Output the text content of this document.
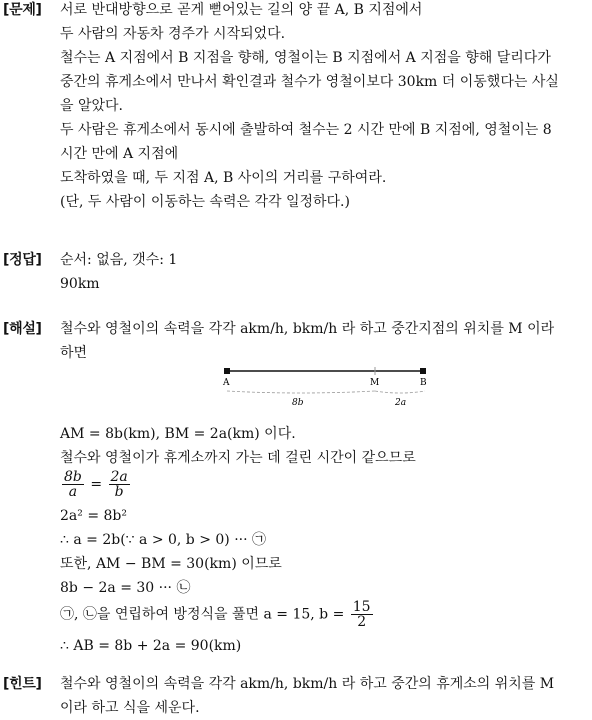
[문제] 서로 반대방향으로 곧게 뻗어있는 길의 양 끝 A, B 지점에서
두 사람의 자동차 경주가 시작되었다.
철수는 A 지점에서 B 지점을 향해, 영철이는 B 지점에서 A 지점을 향해 달리다가
중간의 휴게소에서 만나서 확인결과 철수가 영철이보다 30km 더 이동했다는 사실
을 알았다.
두 사람은 휴게소에서 동시에 출발하여 철수는 2 시간 만에 B 지점에, 영철이는 8
시간 만에 A 지점에
도착하였을 때, 두 지점 A, B 사이의 거리를 구하여라.
(단, 두 사람이 이동하는 속력은 각각 일정하다.)
[정답] 순서: 없음, 갯수: 1
90km
[해설] 철수와 영철이의 속력을 각각 akm/h, bkm/h 라 하고 중간지점의 위치를 M 이라
하면
A	M	B
8b	2a
AM = 8b(km), BM = 2a(km) 이다.
철수와 영철이가 휴게소까지 가는 데 걸린 시간이 같으므로
$\frac{8b}{a} = \frac{2a}{b}$
2a² = 8b²
∴ a = 2b(∵ a > 0, b > 0) ··· ㉠
또한, AM − BM = 30(km) 이므로
8b − 2a = 30 ··· ㉡
㉠, ㉡을 연립하여 방정식을 풀면 a = 15, $b = \frac{15}{2}$
∴ AB = 8b + 2a = 90(km)
[힌트] 철수와 영철이의 속력을 각각 akm/h, bkm/h 라 하고 중간의 휴게소의 위치를 M
이라 하고 식을 세운다.
